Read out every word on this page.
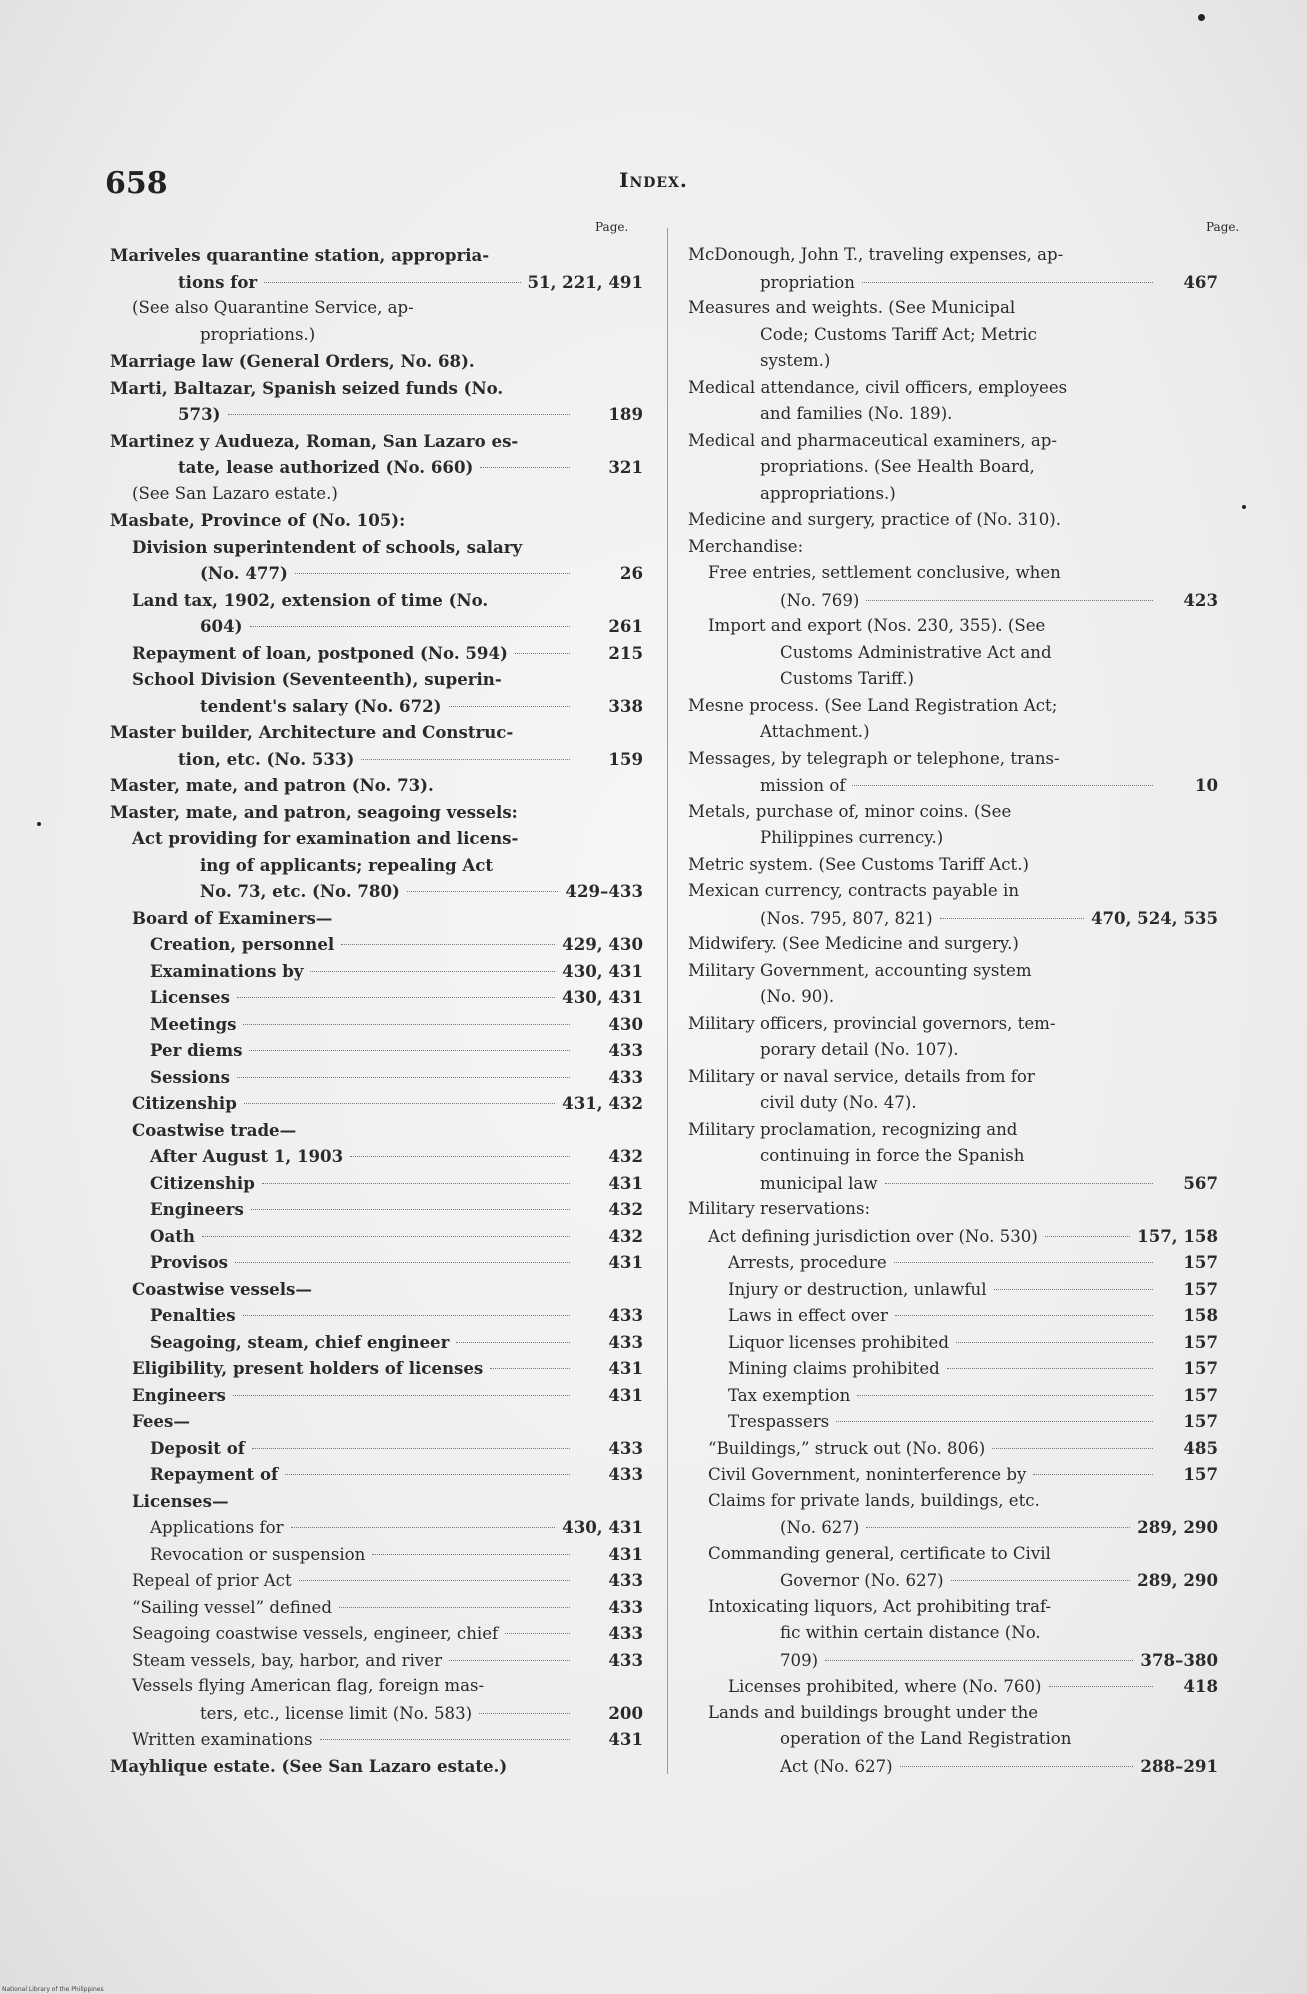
658	Index.
Page.
Mariveles quarantine station, appropria-
tions for	51, 221, 491
(See also Quarantine Service, ap-
propriations.)
Marriage law (General Orders, No. 68).
Marti, Baltazar, Spanish seized funds (No.
573)	189
Martinez y Audueza, Roman, San Lazaro es-
tate, lease authorized (No. 660)	321
(See San Lazaro estate.)
Masbate, Province of (No. 105):
Division superintendent of schools, salary
(No. 477)	26
Land tax, 1902, extension of time (No.
604)	261
Repayment of loan, postponed (No. 594)	215
School Division (Seventeenth), superin-
tendent's salary (No. 672)	338
Master builder, Architecture and Construc-
tion, etc. (No. 533)	159
Master, mate, and patron (No. 73).
Master, mate, and patron, seagoing vessels:
Act providing for examination and licens-
ing of applicants; repealing Act
No. 73, etc. (No. 780)	429–433
Board of Examiners—
Creation, personnel	429, 430
Examinations by	430, 431
Licenses	430, 431
Meetings	430
Per diems	433
Sessions	433
Citizenship	431, 432
Coastwise trade—
After August 1, 1903	432
Citizenship	431
Engineers	432
Oath	432
Provisos	431
Coastwise vessels—
Penalties	433
Seagoing, steam, chief engineer	433
Eligibility, present holders of licenses	431
Engineers	431
Fees—
Deposit of	433
Repayment of	433
Licenses—
Applications for	430, 431
Revocation or suspension	431
Repeal of prior Act	433
“Sailing vessel” defined	433
Seagoing coastwise vessels, engineer, chief	433
Steam vessels, bay, harbor, and river	433
Vessels flying American flag, foreign mas-
ters, etc., license limit (No. 583)	200
Written examinations	431
Mayhlique estate. (See San Lazaro estate.)
Page.
McDonough, John T., traveling expenses, ap-
propriation	467
Measures and weights. (See Municipal
Code; Customs Tariff Act; Metric
system.)
Medical attendance, civil officers, employees
and families (No. 189).
Medical and pharmaceutical examiners, ap-
propriations. (See Health Board,
appropriations.)
Medicine and surgery, practice of (No. 310).
Merchandise:
Free entries, settlement conclusive, when
(No. 769)	423
Import and export (Nos. 230, 355). (See
Customs Administrative Act and
Customs Tariff.)
Mesne process. (See Land Registration Act;
Attachment.)
Messages, by telegraph or telephone, trans-
mission of	10
Metals, purchase of, minor coins. (See
Philippines currency.)
Metric system. (See Customs Tariff Act.)
Mexican currency, contracts payable in
(Nos. 795, 807, 821)	470, 524, 535
Midwifery. (See Medicine and surgery.)
Military Government, accounting system
(No. 90).
Military officers, provincial governors, tem-
porary detail (No. 107).
Military or naval service, details from for
civil duty (No. 47).
Military proclamation, recognizing and
continuing in force the Spanish
municipal law	567
Military reservations:
Act defining jurisdiction over (No. 530)	157, 158
Arrests, procedure	157
Injury or destruction, unlawful	157
Laws in effect over	158
Liquor licenses prohibited	157
Mining claims prohibited	157
Tax exemption	157
Trespassers	157
“Buildings,” struck out (No. 806)	485
Civil Government, noninterference by	157
Claims for private lands, buildings, etc.
(No. 627)	289, 290
Commanding general, certificate to Civil
Governor (No. 627)	289, 290
Intoxicating liquors, Act prohibiting traf-
fic within certain distance (No.
709)	378–380
Licenses prohibited, where (No. 760)	418
Lands and buildings brought under the
operation of the Land Registration
Act (No. 627)	288–291
National Library of the Philippines
